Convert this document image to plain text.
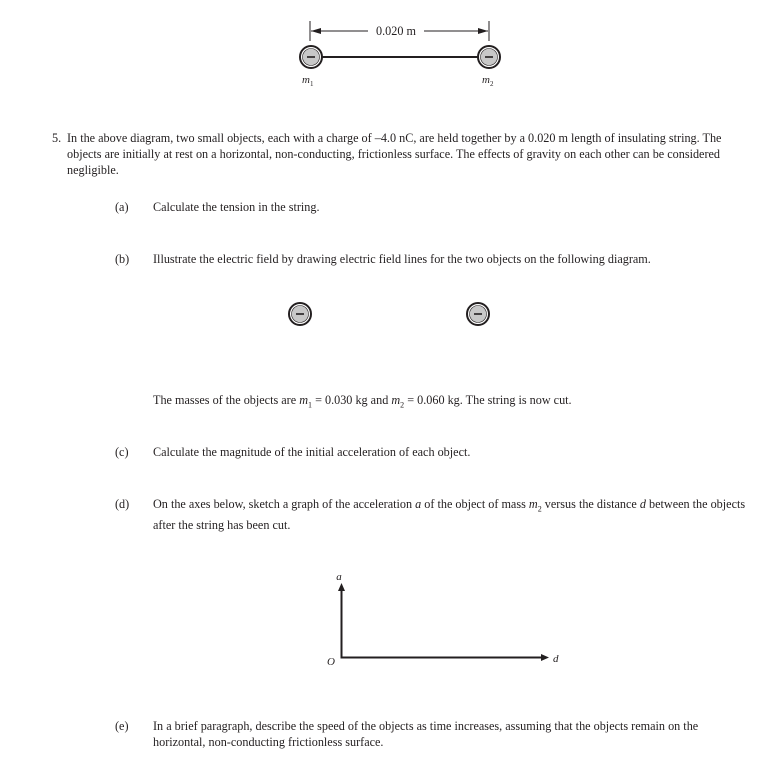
0.020 m
$m_1$	$m_2$
5. In the above diagram, two small objects, each with a charge of –4.0 nC, are held together by a 0.020 m length of insulating string. The objects are initially at rest on a horizontal, non-conducting, frictionless surface. The effects of gravity on each other can be considered negligible.
(a) Calculate the tension in the string.
(b) Illustrate the electric field by drawing electric field lines for the two objects on the following diagram.
The masses of the objects are $m_1 = 0.030$ kg and $m_2 = 0.060$ kg. The string is now cut.
(c) Calculate the magnitude of the initial acceleration of each object.
(d) On the axes below, sketch a graph of the acceleration a of the object of mass $m_2$ versus the distance d between the objects after the string has been cut.
a
d
O
(e) In a brief paragraph, describe the speed of the objects as time increases, assuming that the objects remain on the horizontal, non-conducting frictionless surface.
